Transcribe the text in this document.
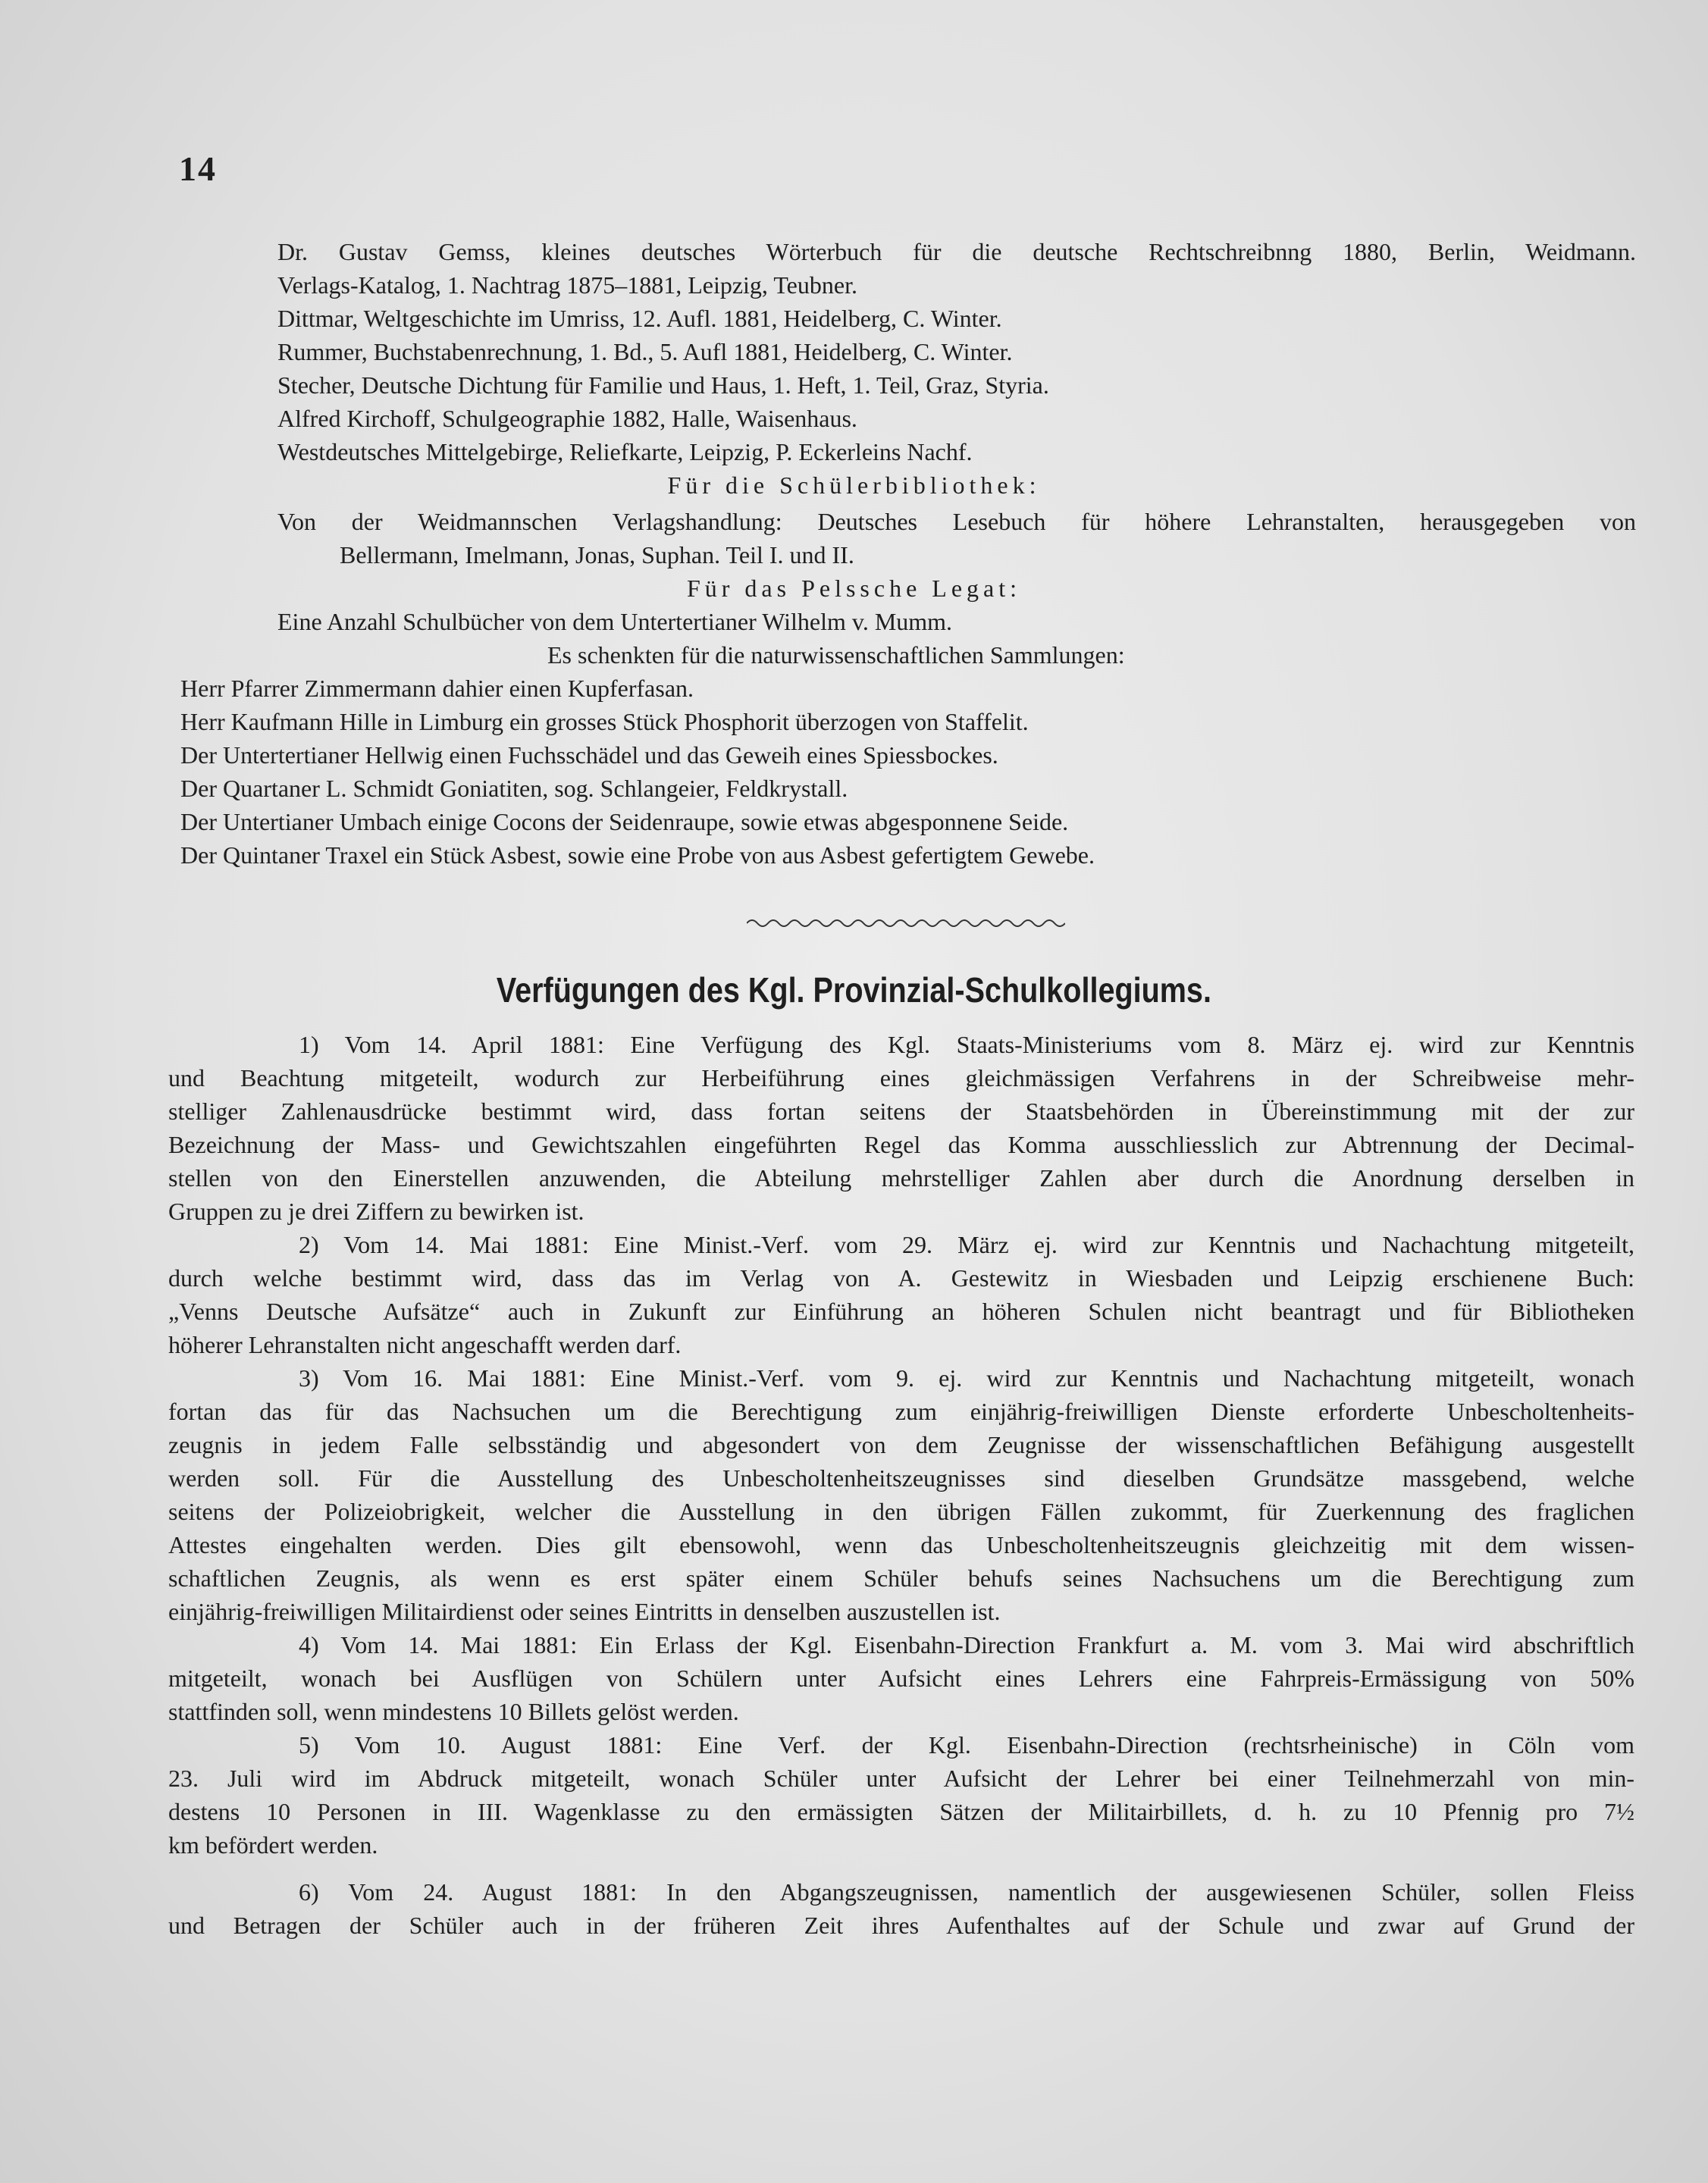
14
Dr. Gustav Gemss, kleines deutsches Wörterbuch für die deutsche Rechtschreibnng 1880, Berlin, Weidmann.
Verlags-Katalog, 1. Nachtrag 1875–1881, Leipzig, Teubner.
Dittmar, Weltgeschichte im Umriss, 12. Aufl. 1881, Heidelberg, C. Winter.
Rummer, Buchstabenrechnung, 1. Bd., 5. Aufl 1881, Heidelberg, C. Winter.
Stecher, Deutsche Dichtung für Familie und Haus, 1. Heft, 1. Teil, Graz, Styria.
Alfred Kirchoff, Schulgeographie 1882, Halle, Waisenhaus.
Westdeutsches Mittelgebirge, Reliefkarte, Leipzig, P. Eckerleins Nachf.
Für die Schülerbibliothek:
Von der Weidmannschen Verlagshandlung: Deutsches Lesebuch für höhere Lehranstalten, herausgegeben von
Bellermann, Imelmann, Jonas, Suphan. Teil I. und II.
Für das Pelssche Legat:
Eine Anzahl Schulbücher von dem Untertertianer Wilhelm v. Mumm.
Es schenkten für die naturwissenschaftlichen Sammlungen:
Herr Pfarrer Zimmermann dahier einen Kupferfasan.
Herr Kaufmann Hille in Limburg ein grosses Stück Phosphorit überzogen von Staffelit.
Der Untertertianer Hellwig einen Fuchsschädel und das Geweih eines Spiessbockes.
Der Quartaner L. Schmidt Goniatiten, sog. Schlangeier, Feldkrystall.
Der Untertianer Umbach einige Cocons der Seidenraupe, sowie etwas abgesponnene Seide.
Der Quintaner Traxel ein Stück Asbest, sowie eine Probe von aus Asbest gefertigtem Gewebe.
Verfügungen des Kgl. Provinzial-Schulkollegiums.
1) Vom 14. April 1881: Eine Verfügung des Kgl. Staats-Ministeriums vom 8. März ej. wird zur Kenntnis
und Beachtung mitgeteilt, wodurch zur Herbeiführung eines gleichmässigen Verfahrens in der Schreibweise mehr-
stelliger Zahlenausdrücke bestimmt wird, dass fortan seitens der Staatsbehörden in Übereinstimmung mit der zur
Bezeichnung der Mass- und Gewichtszahlen eingeführten Regel das Komma ausschliesslich zur Abtrennung der Decimal-
stellen von den Einerstellen anzuwenden, die Abteilung mehrstelliger Zahlen aber durch die Anordnung derselben in
Gruppen zu je drei Ziffern zu bewirken ist.
2) Vom 14. Mai 1881: Eine Minist.-Verf. vom 29. März ej. wird zur Kenntnis und Nachachtung mitgeteilt,
durch welche bestimmt wird, dass das im Verlag von A. Gestewitz in Wiesbaden und Leipzig erschienene Buch:
„Venns Deutsche Aufsätze“ auch in Zukunft zur Einführung an höheren Schulen nicht beantragt und für Bibliotheken
höherer Lehranstalten nicht angeschafft werden darf.
3) Vom 16. Mai 1881: Eine Minist.-Verf. vom 9. ej. wird zur Kenntnis und Nachachtung mitgeteilt, wonach
fortan das für das Nachsuchen um die Berechtigung zum einjährig-freiwilligen Dienste erforderte Unbescholtenheits-
zeugnis in jedem Falle selbsständig und abgesondert von dem Zeugnisse der wissenschaftlichen Befähigung ausgestellt
werden soll. Für die Ausstellung des Unbescholtenheitszeugnisses sind dieselben Grundsätze massgebend, welche
seitens der Polizeiobrigkeit, welcher die Ausstellung in den übrigen Fällen zukommt, für Zuerkennung des fraglichen
Attestes eingehalten werden. Dies gilt ebensowohl, wenn das Unbescholtenheitszeugnis gleichzeitig mit dem wissen-
schaftlichen Zeugnis, als wenn es erst später einem Schüler behufs seines Nachsuchens um die Berechtigung zum
einjährig-freiwilligen Militairdienst oder seines Eintritts in denselben auszustellen ist.
4) Vom 14. Mai 1881: Ein Erlass der Kgl. Eisenbahn-Direction Frankfurt a. M. vom 3. Mai wird abschriftlich
mitgeteilt, wonach bei Ausflügen von Schülern unter Aufsicht eines Lehrers eine Fahrpreis-Ermässigung von 50%
stattfinden soll, wenn mindestens 10 Billets gelöst werden.
5) Vom 10. August 1881: Eine Verf. der Kgl. Eisenbahn-Direction (rechtsrheinische) in Cöln vom
23. Juli wird im Abdruck mitgeteilt, wonach Schüler unter Aufsicht der Lehrer bei einer Teilnehmerzahl von min-
destens 10 Personen in III. Wagenklasse zu den ermässigten Sätzen der Militairbillets, d. h. zu 10 Pfennig pro 7½
km befördert werden.
6) Vom 24. August 1881: In den Abgangszeugnissen, namentlich der ausgewiesenen Schüler, sollen Fleiss
und Betragen der Schüler auch in der früheren Zeit ihres Aufenthaltes auf der Schule und zwar auf Grund der
